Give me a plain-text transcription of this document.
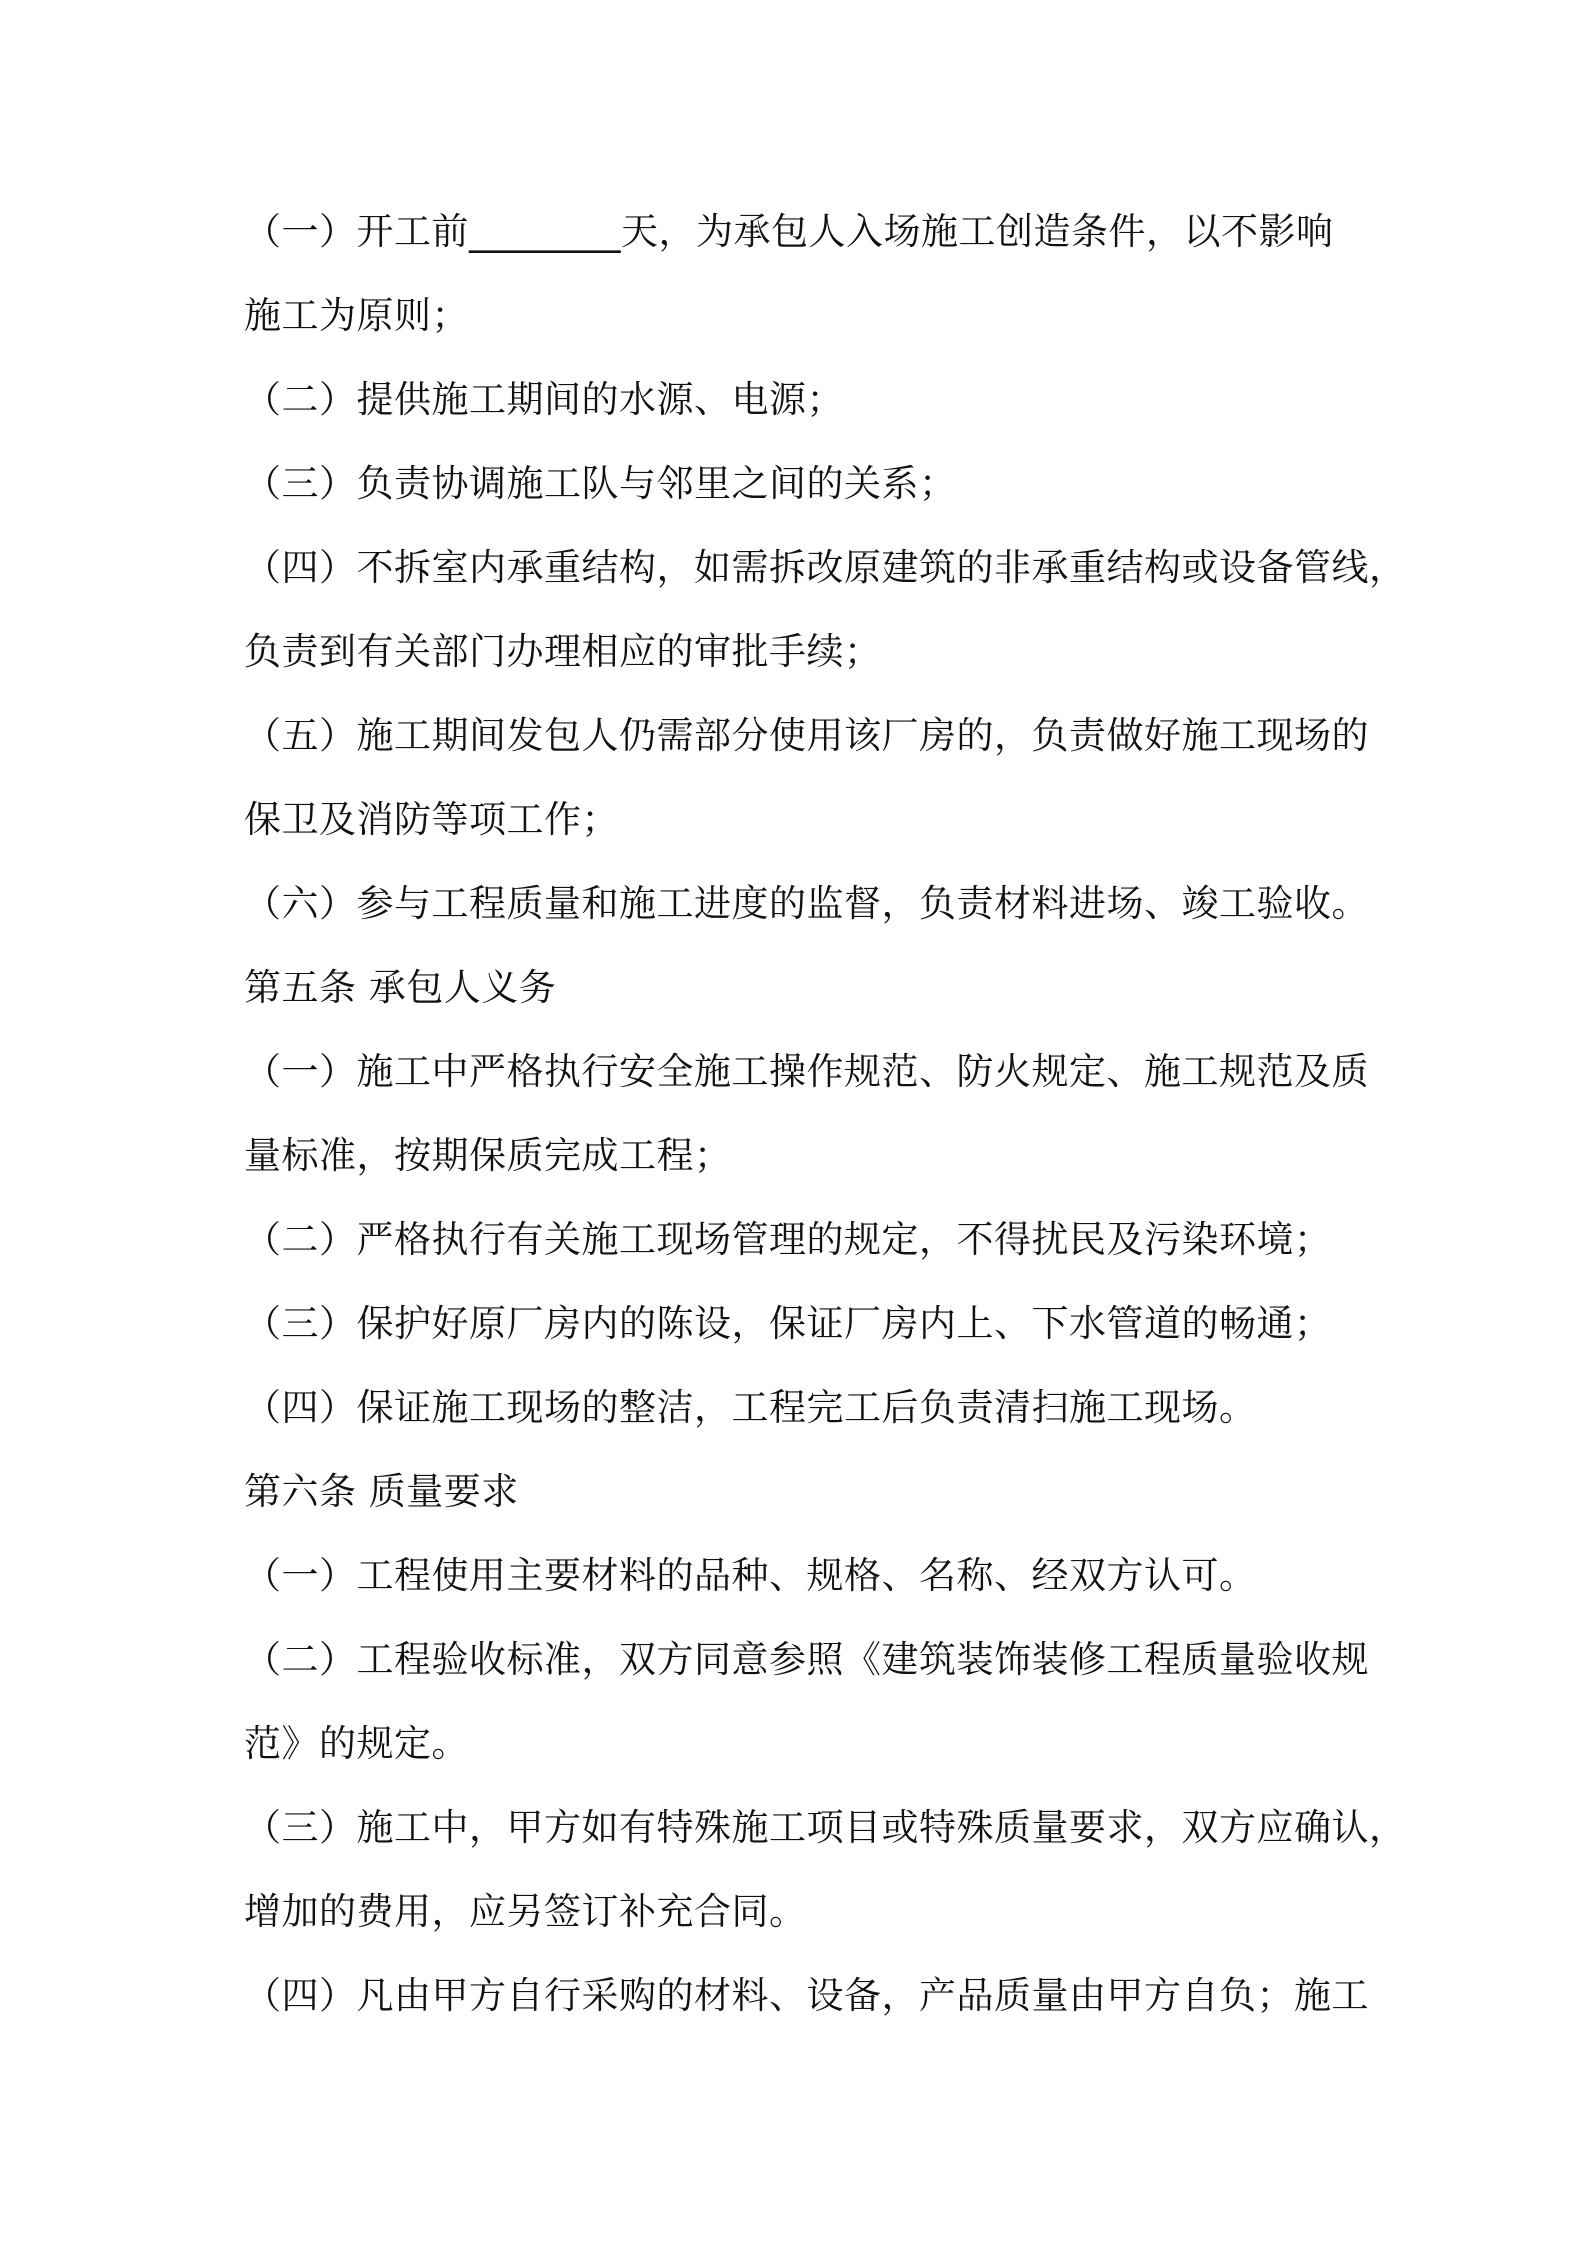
（一）开工前________天，为承包人入场施工创造条件，以不影响
施工为原则；
（二）提供施工期间的水源、电源；
（三）负责协调施工队与邻里之间的关系；
（四）不拆室内承重结构，如需拆改原建筑的非承重结构或设备管线，
负责到有关部门办理相应的审批手续；
（五）施工期间发包人仍需部分使用该厂房的，负责做好施工现场的
保卫及消防等项工作；
（六）参与工程质量和施工进度的监督，负责材料进场、竣工验收。
第五条 承包人义务
（一）施工中严格执行安全施工操作规范、防火规定、施工规范及质
量标准，按期保质完成工程；
（二）严格执行有关施工现场管理的规定，不得扰民及污染环境；
（三）保护好原厂房内的陈设，保证厂房内上、下水管道的畅通；
（四）保证施工现场的整洁，工程完工后负责清扫施工现场。
第六条 质量要求
（一）工程使用主要材料的品种、规格、名称、经双方认可。
（二）工程验收标准，双方同意参照《建筑装饰装修工程质量验收规
范》的规定。
（三）施工中，甲方如有特殊施工项目或特殊质量要求，双方应确认，
增加的费用，应另签订补充合同。
（四）凡由甲方自行采购的材料、设备，产品质量由甲方自负；施工
